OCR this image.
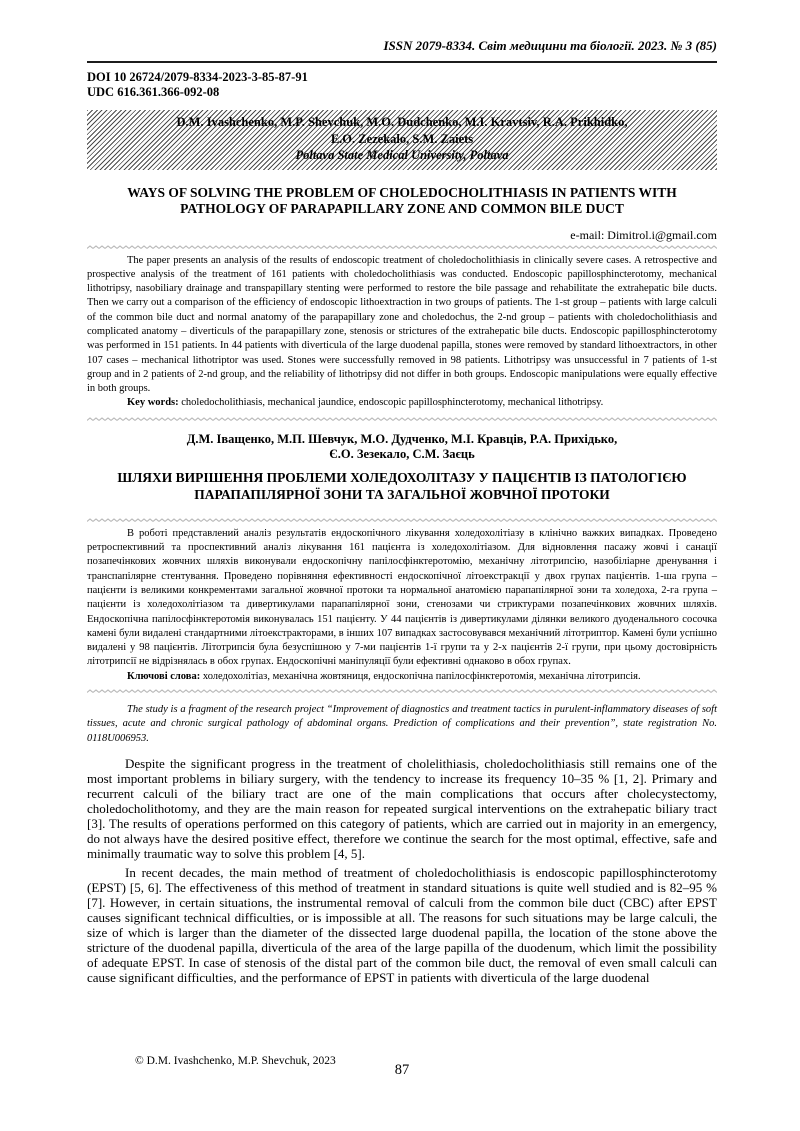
ISSN 2079-8334. Світ медицини та біології. 2023. № 3 (85)
DOI 10 26724/2079-8334-2023-3-85-87-91
UDC 616.361.366-092-08
D.M. Ivashchenko, M.P. Shevchuk, M.O. Dudchenko, M.I. Kravtsiv, R.A. Prikhidko,
E.O. Zezekalo, S.M. Zaiets
Poltava State Medical University, Poltava
WAYS OF SOLVING THE PROBLEM OF CHOLEDOCHOLITHIASIS IN PATIENTS WITH PATHOLOGY OF PARAPAPILLARY ZONE AND COMMON BILE DUCT
e-mail: Dimitrol.i@gmail.com

The paper presents an analysis of the results of endoscopic treatment of choledocholithiasis in clinically severe cases. A retrospective and prospective analysis of the treatment of 161 patients with choledocholithiasis was conducted. Endoscopic papillosphincterotomy, mechanical lithotripsy, nasobiliary drainage and transpapillary stenting were performed to restore the bile passage and rehabilitate the extrahepatic bile ducts. Then we carry out a comparison of the efficiency of endoscopic lithoextraction in two groups of patients. The 1-st group – patients with large calculi of the common bile duct and normal anatomy of the parapapillary zone and choledochus, the 2-nd group – patients with choledocholithiasis and complicated anatomy – diverticuls of the parapapillary zone, stenosis or strictures of the extrahepatic bile ducts. Endoscopic papillosphincterotomy was performed in 151 patients. In 44 patients with diverticula of the large duodenal papilla, stones were removed by standard lithoextractors, in other 107 cases – mechanical lithotriptor was used. Stones were successfully removed in 98 patients. Lithotripsy was unsuccessful in 7 patients of 1-st group and in 2 patients of 2-nd group, and the reliability of lithotripsy did not differ in both groups. Endoscopic manipulations were equally effective in both groups.

Key words: choledocholithiasis, mechanical jaundice, endoscopic papillosphincterotomy, mechanical lithotripsy.

Д.М. Іващенко, М.П. Шевчук, М.О. Дудченко, М.І. Кравців, Р.А. Прихідько,
Є.О. Зезекало, С.М. Заєць
ШЛЯХИ ВИРІШЕННЯ ПРОБЛЕМИ ХОЛЕДОХОЛІТАЗУ У ПАЦІЄНТІВ ІЗ ПАТОЛОГІЄЮ ПАРАПАПІЛЯРНОЇ ЗОНИ ТА ЗАГАЛЬНОЇ ЖОВЧНОЇ ПРОТОКИ

В роботі представлений аналіз результатів ендоскопічного лікування холедохолітіазу в клінічно важких випадках. Проведено ретроспективний та проспективний аналіз лікування 161 пацієнта із холедохолітіазом. Для відновлення пасажу жовчі і санації позапечінкових жовчних шляхів виконували ендоскопічну папілосфінктеротомію, механічну літотрипсію, назобіліарне дренування і транспапілярне стентування. Проведено порівняння ефективності ендоскопічної літоекстракції у двох групах пацієнтів. 1-ша група – пацієнти із великими конкрементами загальної жовчної протоки та нормальної анатомією парапапілярної зони та холедоха, 2-га група – пацієнти із холедохолітіазом та дивертикулами парапапілярної зони, стенозами чи стриктурами позапечінкових жовчних шляхів. Ендоскопічна папілосфінктеротомія виконувалась 151 пацієнту. У 44 пацієнтів із дивертикулами ділянки великого дуоденального сосочка камені були видалені стандартними літоекстракторами, в інших 107 випадках застосовувався механічний літотриптор. Камені були успішно видалені у 98 пацієнтів. Літотрипсія була безуспішною у 7-ми пацієнтів 1-ї групи та у 2-х пацієнтів 2-ї групи, при цьому достовірність літотрипсії не відрізнялась в обох групах. Ендоскопічні маніпуляції були ефективні однаково в обох групах.

Ключові слова: холедохолітіаз, механічна жовтяниця, ендоскопічна папілосфінктеротомія, механічна літотрипсія.

The study is a fragment of the research project “Improvement of diagnostics and treatment tactics in purulent-inflammatory diseases of soft tissues, acute and chronic surgical pathology of abdominal organs. Prediction of complications and their prevention”, state registration No. 0118U006953.

Despite the significant progress in the treatment of cholelithiasis, choledocholithiasis still remains one of the most important problems in biliary surgery, with the tendency to increase its frequency 10–35 % [1, 2]. Primary and recurrent calculi of the biliary tract are one of the main complications that occurs after cholecystectomy, choledocholithotomy, and they are the main reason for repeated surgical interventions on the extrahepatic biliary tract [3]. The results of operations performed on this category of patients, which are carried out in majority in an emergency, do not always have the desired positive effect, therefore we continue the search for the most optimal, effective, safe and minimally traumatic way to solve this problem [4, 5].

In recent decades, the main method of treatment of choledocholithiasis is endoscopic papillosphincterotomy (EPST) [5, 6]. The effectiveness of this method of treatment in standard situations is quite well studied and is 82–95 % [7]. However, in certain situations, the instrumental removal of calculi from the common bile duct (CBC) after EPST causes significant technical difficulties, or is impossible at all. The reasons for such situations may be large calculi, the size of which is larger than the diameter of the dissected large duodenal papilla, the location of the stone above the stricture of the duodenal papilla, diverticula of the area of the large papilla of the duodenum, which limit the possibility of adequate EPST. In case of stenosis of the distal part of the common bile duct, the removal of even small calculi can cause significant difficulties, and the performance of EPST in patients with diverticula of the large duodenal

© D.M. Ivashchenko, M.P. Shevchuk, 2023
87
